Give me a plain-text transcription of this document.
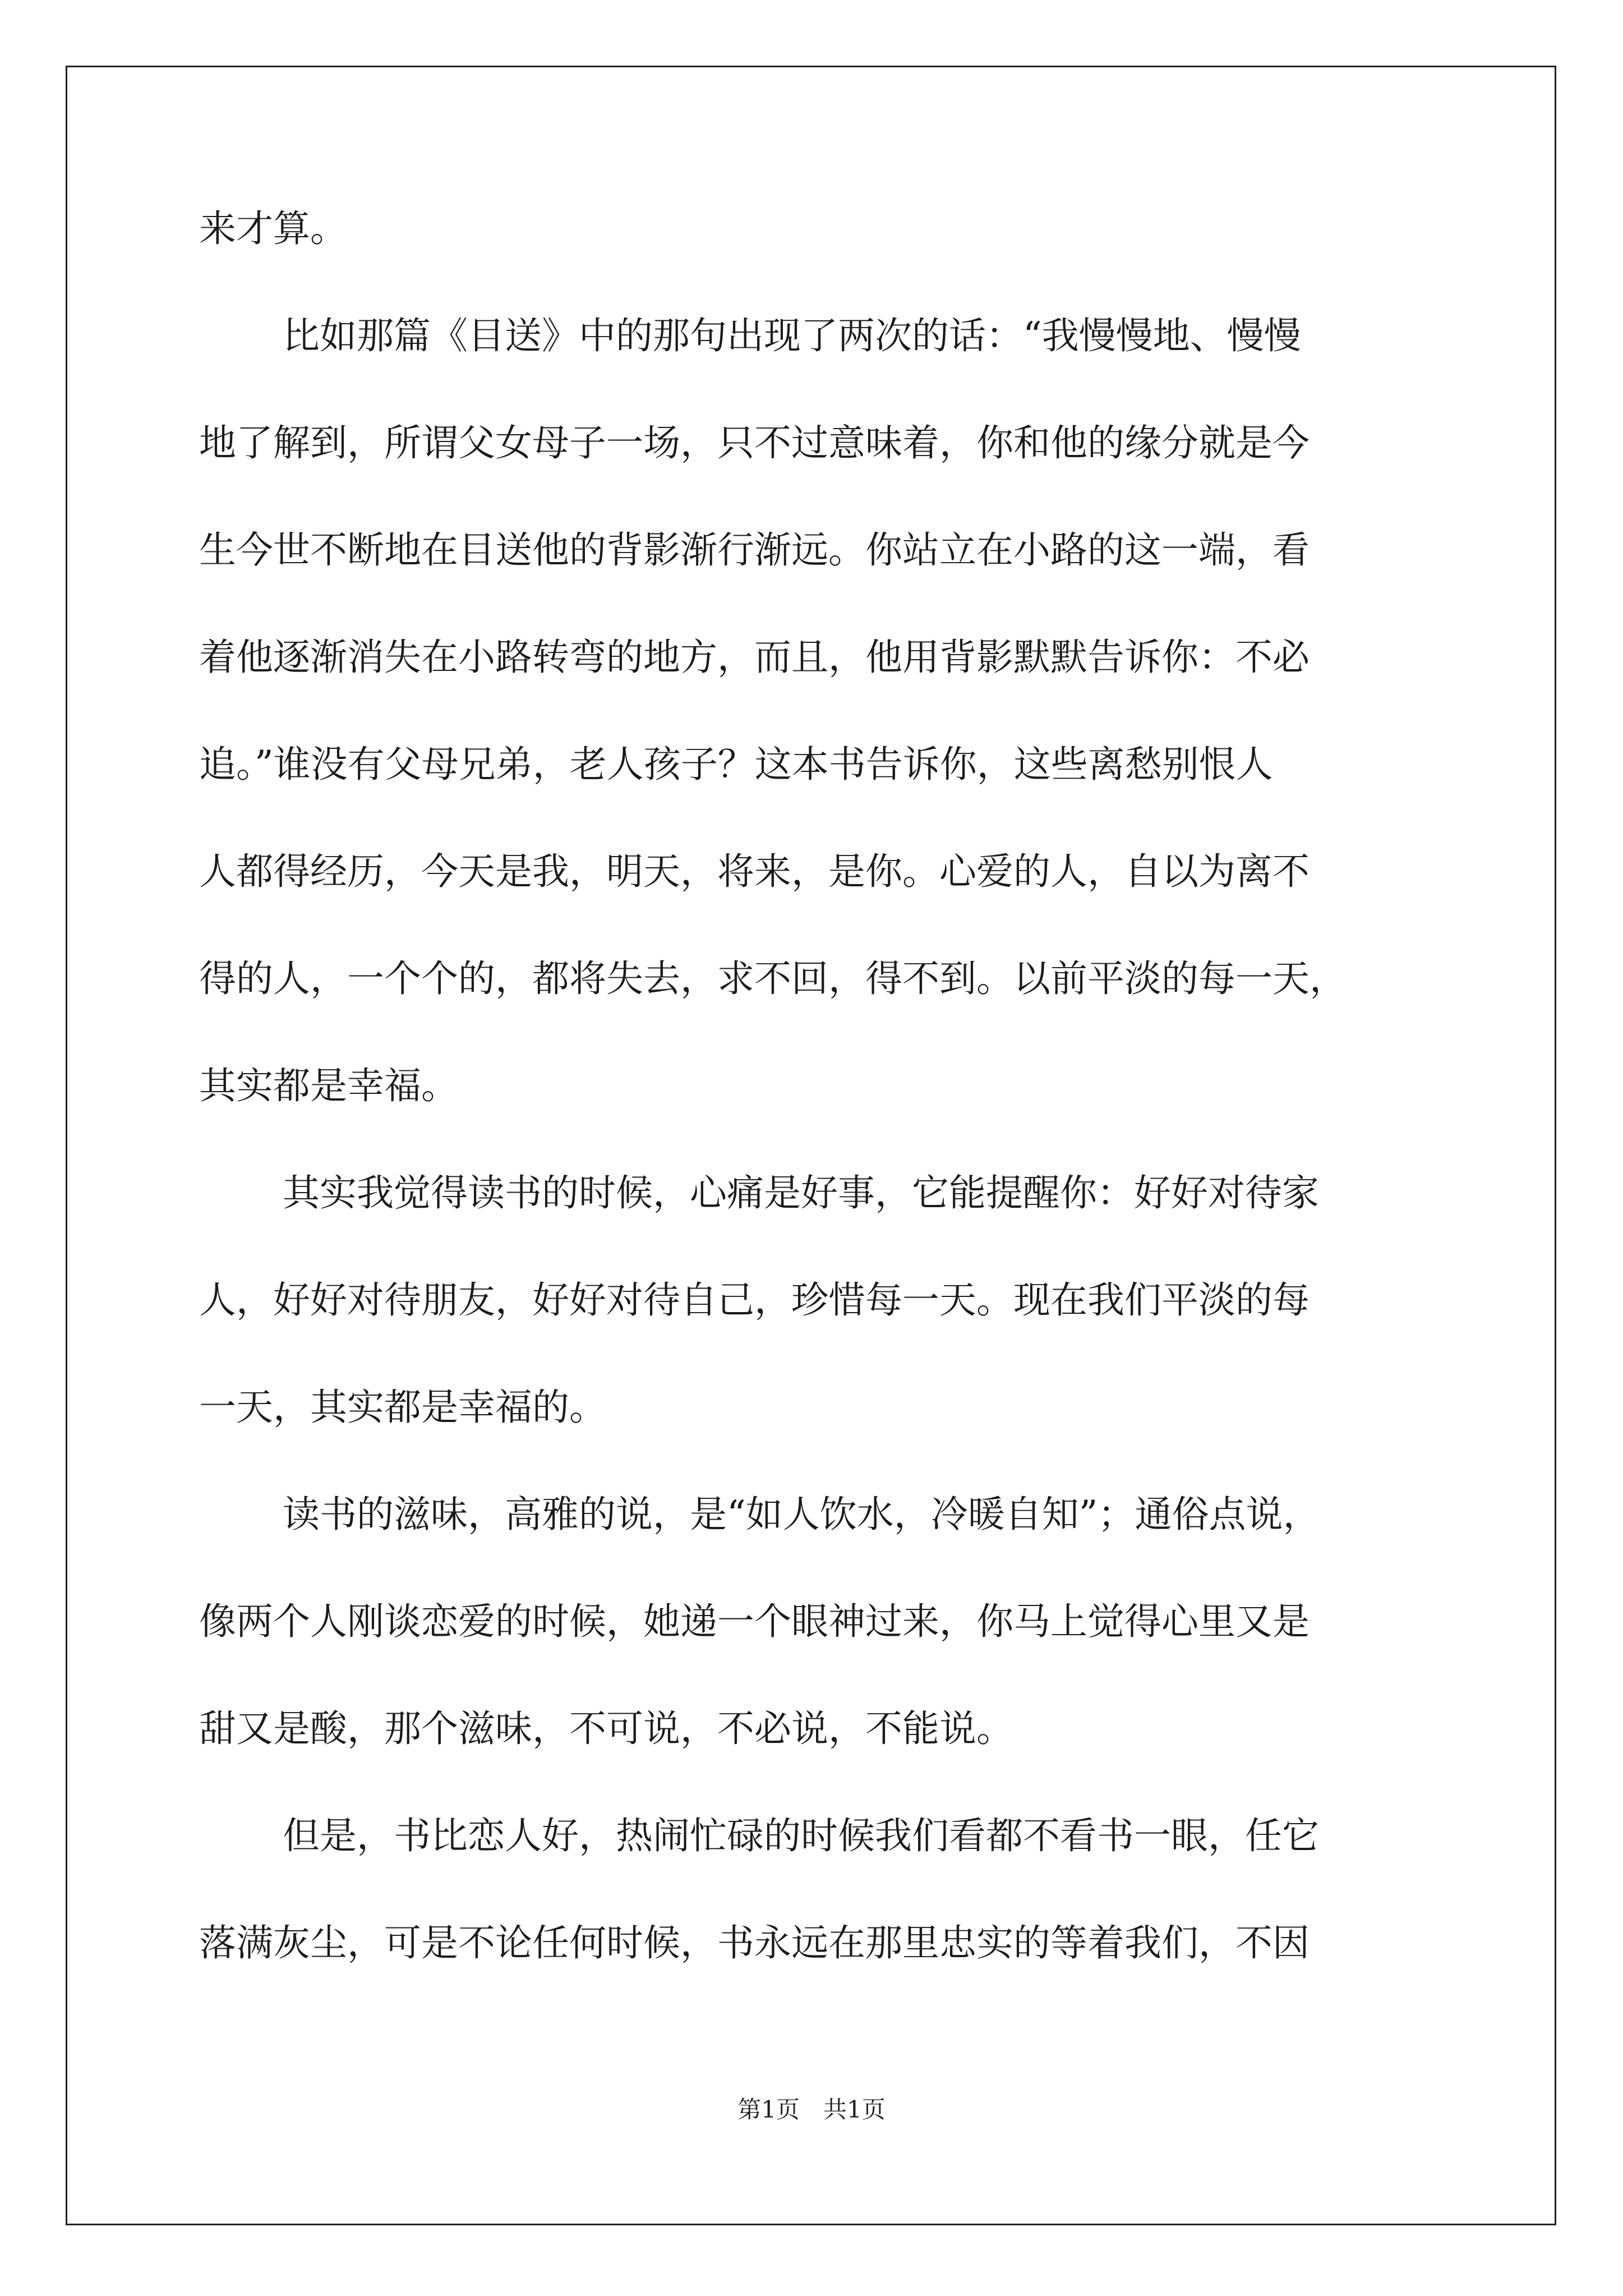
来才算。
比如那篇《目送》中的那句出现了两次的话：“我慢慢地、慢慢
地了解到，所谓父女母子一场，只不过意味着，你和他的缘分就是今
生今世不断地在目送他的背影渐行渐远。你站立在小路的这一端，看
着他逐渐消失在小路转弯的地方，而且，他用背影默默告诉你：不必
追。”谁没有父母兄弟，老人孩子？这本书告诉你，这些离愁别恨人
人都得经历，今天是我，明天，将来，是你。心爱的人，自以为离不
得的人，一个个的，都将失去，求不回，得不到。以前平淡的每一天，
其实都是幸福。
其实我觉得读书的时候，心痛是好事，它能提醒你：好好对待家
人，好好对待朋友，好好对待自己，珍惜每一天。现在我们平淡的每
一天，其实都是幸福的。
读书的滋味，高雅的说，是“如人饮水，冷暖自知”；通俗点说，
像两个人刚谈恋爱的时候，她递一个眼神过来，你马上觉得心里又是
甜又是酸，那个滋味，不可说，不必说，不能说。
但是，书比恋人好，热闹忙碌的时候我们看都不看书一眼，任它
落满灰尘，可是不论任何时候，书永远在那里忠实的等着我们，不因
第1页　共1页
